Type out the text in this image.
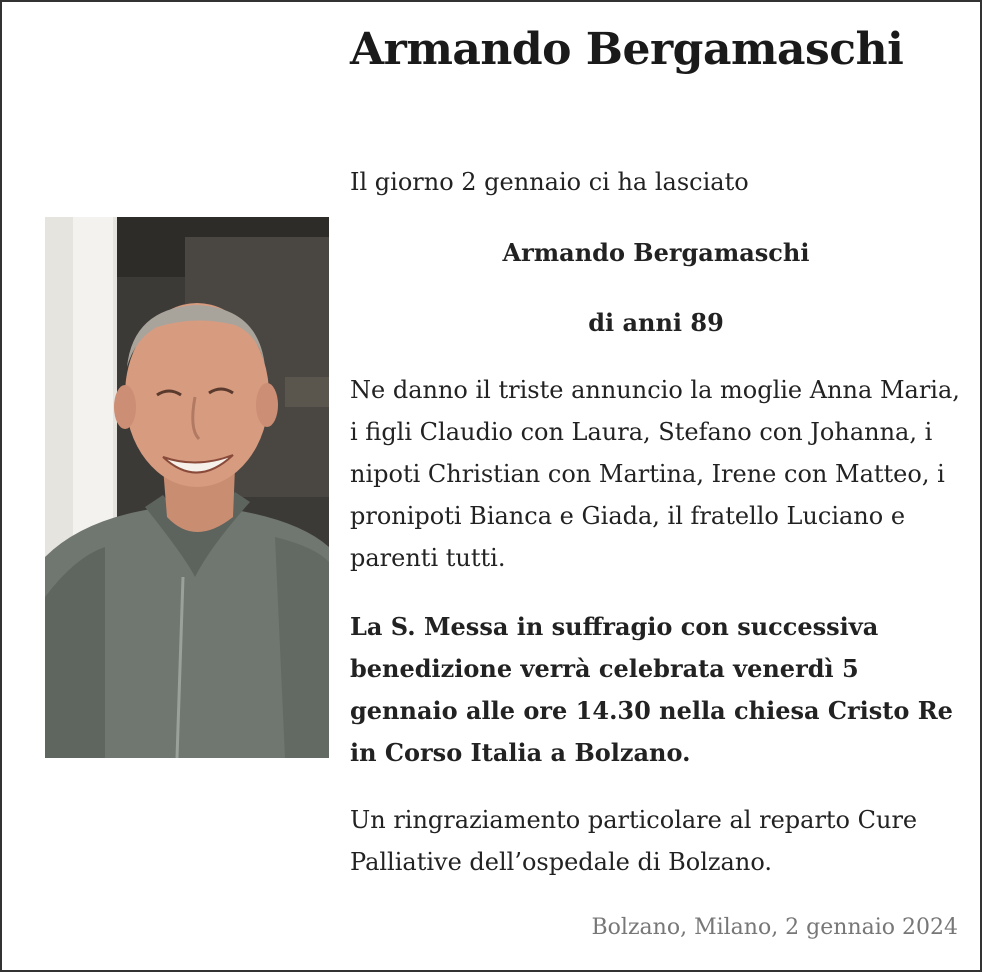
Armando Bergamaschi

Il giorno 2 gennaio ci ha lasciato

Armando Bergamaschi

di anni 89

Ne danno il triste annuncio la moglie Anna Maria, i figli Claudio con Laura, Stefano con Johanna, i nipoti Christian con Martina, Irene con Matteo, i pronipoti Bianca e Giada, il fratello Luciano e parenti tutti.

La S. Messa in suffragio con successiva benedizione verrà celebrata venerdì 5 gennaio alle ore 14.30 nella chiesa Cristo Re in Corso Italia a Bolzano.

Un ringraziamento particolare al reparto Cure Palliative dell’ospedale di Bolzano.

Bolzano, Milano, 2 gennaio 2024
